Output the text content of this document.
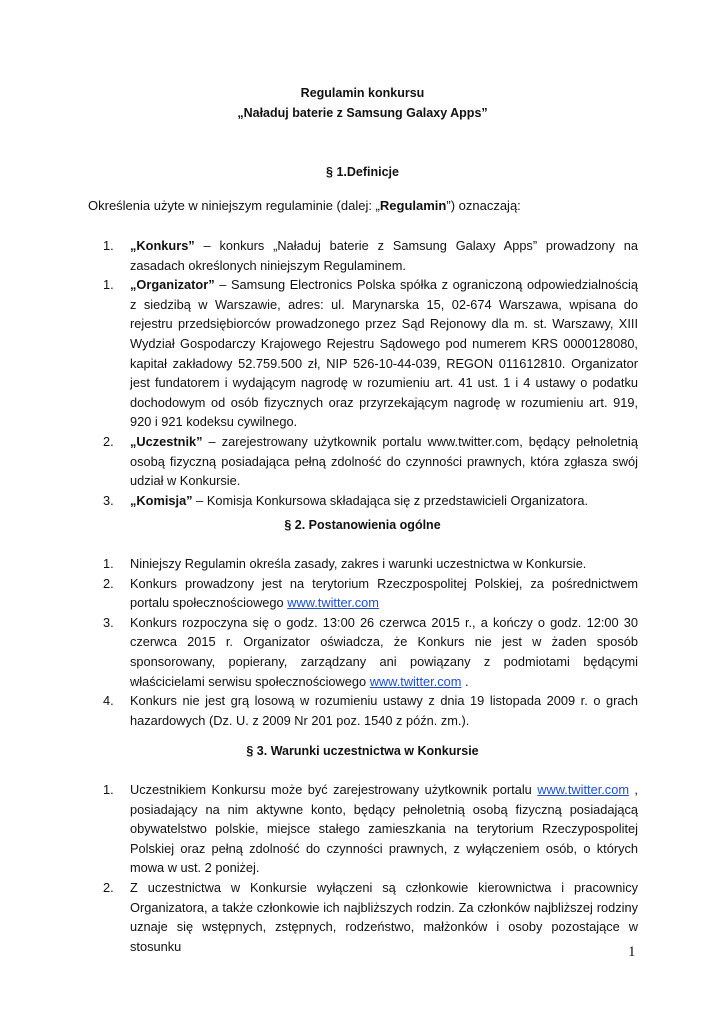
Regulamin konkursu
„Naładuj baterie z Samsung Galaxy Apps”
§ 1.Definicje
Określenia użyte w niniejszym regulaminie (dalej: „Regulamin”) oznaczają:
1. „Konkurs” – konkurs „Naładuj baterie z Samsung Galaxy Apps” prowadzony na zasadach określonych niniejszym Regulaminem.
1. „Organizator” – Samsung Electronics Polska spółka z ograniczoną odpowiedzialnością z siedzibą w Warszawie, adres: ul. Marynarska 15, 02-674 Warszawa, wpisana do rejestru przedsiębiorców prowadzonego przez Sąd Rejonowy dla m. st. Warszawy, XIII Wydział Gospodarczy Krajowego Rejestru Sądowego pod numerem KRS 0000128080, kapitał zakładowy 52.759.500 zł, NIP 526-10-44-039, REGON 011612810. Organizator jest fundatorem i wydającym nagrodę w rozumieniu art. 41 ust. 1 i 4 ustawy o podatku dochodowym od osób fizycznych oraz przyrzekającym nagrodę w rozumieniu art. 919, 920 i 921 kodeksu cywilnego.
2. „Uczestnik” – zarejestrowany użytkownik portalu www.twitter.com, będący pełnoletnią osobą fizyczną posiadająca pełną zdolność do czynności prawnych, która zgłasza swój udział w Konkursie.
3. „Komisja” – Komisja Konkursowa składająca się z przedstawicieli Organizatora.
§ 2. Postanowienia ogólne
1. Niniejszy Regulamin określa zasady, zakres i warunki uczestnictwa w Konkursie.
2. Konkurs prowadzony jest na terytorium Rzeczpospolitej Polskiej, za pośrednictwem portalu społecznościowego www.twitter.com
3. Konkurs rozpoczyna się o godz. 13:00 26 czerwca 2015 r., a kończy o godz. 12:00 30 czerwca 2015 r. Organizator oświadcza, że Konkurs nie jest w żaden sposób sponsorowany, popierany, zarządzany ani powiązany z podmiotami będącymi właścicielami serwisu społecznościowego www.twitter.com .
4. Konkurs nie jest grą losową w rozumieniu ustawy z dnia 19 listopada 2009 r. o grach hazardowych (Dz. U. z 2009 Nr 201 poz. 1540 z późn. zm.).
§ 3. Warunki uczestnictwa w Konkursie
1. Uczestnikiem Konkursu może być zarejestrowany użytkownik portalu www.twitter.com , posiadający na nim aktywne konto, będący pełnoletnią osobą fizyczną posiadającą obywatelstwo polskie, miejsce stałego zamieszkania na terytorium Rzeczypospolitej Polskiej oraz pełną zdolność do czynności prawnych, z wyłączeniem osób, o których mowa w ust. 2 poniżej.
2. Z uczestnictwa w Konkursie wyłączeni są członkowie kierownictwa i pracownicy Organizatora, a także członkowie ich najbliższych rodzin. Za członków najbliższej rodziny uznaje się wstępnych, zstępnych, rodzeństwo, małżonków i osoby pozostające w stosunku	1
